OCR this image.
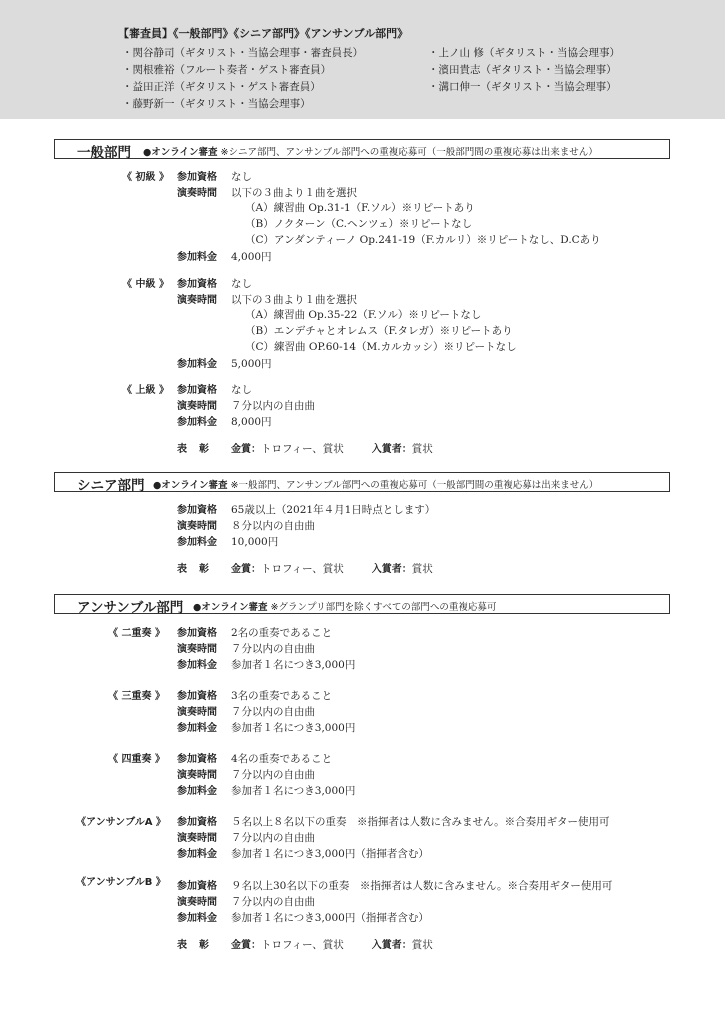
【審査員】《一般部門》《シニア部門》《アンサンブル部門》
・関谷静司（ギタリスト・当協会理事・審査員長）
・関根雅裕（フルート奏者・ゲスト審査員）
・益田正洋（ギタリスト・ゲスト審査員）
・藤野新一（ギタリスト・当協会理事）
・上ノ山 修（ギタリスト・当協会理事）
・濱田貴志（ギタリスト・当協会理事）
・溝口伸一（ギタリスト・当協会理事）
一般部門 ●オンライン審査 ※シニア部門、アンサンブル部門への重複応募可（一般部門間の重複応募は出来ません）
《 初級 》 参加資格 なし
演奏時間 以下の３曲より１曲を選択
（A）練習曲 Op.31-1（F.ソル）※リピートあり
（B）ノクターン（C.ヘンツェ）※リピートなし
（C）アンダンティーノ Op.241-19（F.カルリ）※リピートなし、D.Cあり
参加料金 4,000円
《 中級 》 参加資格 なし
演奏時間 以下の３曲より１曲を選択
（A）練習曲 Op.35-22（F.ソル）※リピートなし
（B）エンデチャとオレムス（F.タレガ）※リピートあり
（C）練習曲 OP.60-14（M.カルカッシ）※リピートなし
参加料金 5,000円
《 上級 》 参加資格 なし
演奏時間 ７分以内の自由曲
参加料金 8,000円
表彰 金賞：トロフィー、賞状	入賞者：賞状
シニア部門 ●オンライン審査 ※一般部門、アンサンブル部門への重複応募可（一般部門間の重複応募は出来ません）
参加資格 65歳以上（2021年４月1日時点とします）
演奏時間 ８分以内の自由曲
参加料金 10,000円
表彰 金賞：トロフィー、賞状	入賞者：賞状
アンサンブル部門 ●オンライン審査 ※グランプリ部門を除くすべての部門への重複応募可
《 二重奏 》 参加資格 2名の重奏であること
演奏時間 ７分以内の自由曲
参加料金 参加者１名につき3,000円
《 三重奏 》 参加資格 3名の重奏であること
演奏時間 ７分以内の自由曲
参加料金 参加者１名につき3,000円
《 四重奏 》 参加資格 4名の重奏であること
演奏時間 ７分以内の自由曲
参加料金 参加者１名につき3,000円
《アンサンブルA 》 参加資格 ５名以上８名以下の重奏　※指揮者は人数に含みません。※合奏用ギター使用可
演奏時間 ７分以内の自由曲
参加料金 参加者１名につき3,000円（指揮者含む）
《アンサンブルB 》 参加資格 ９名以上30名以下の重奏　※指揮者は人数に含みません。※合奏用ギター使用可
演奏時間 ７分以内の自由曲
参加料金 参加者１名につき3,000円（指揮者含む）
表彰 金賞：トロフィー、賞状	入賞者：賞状
